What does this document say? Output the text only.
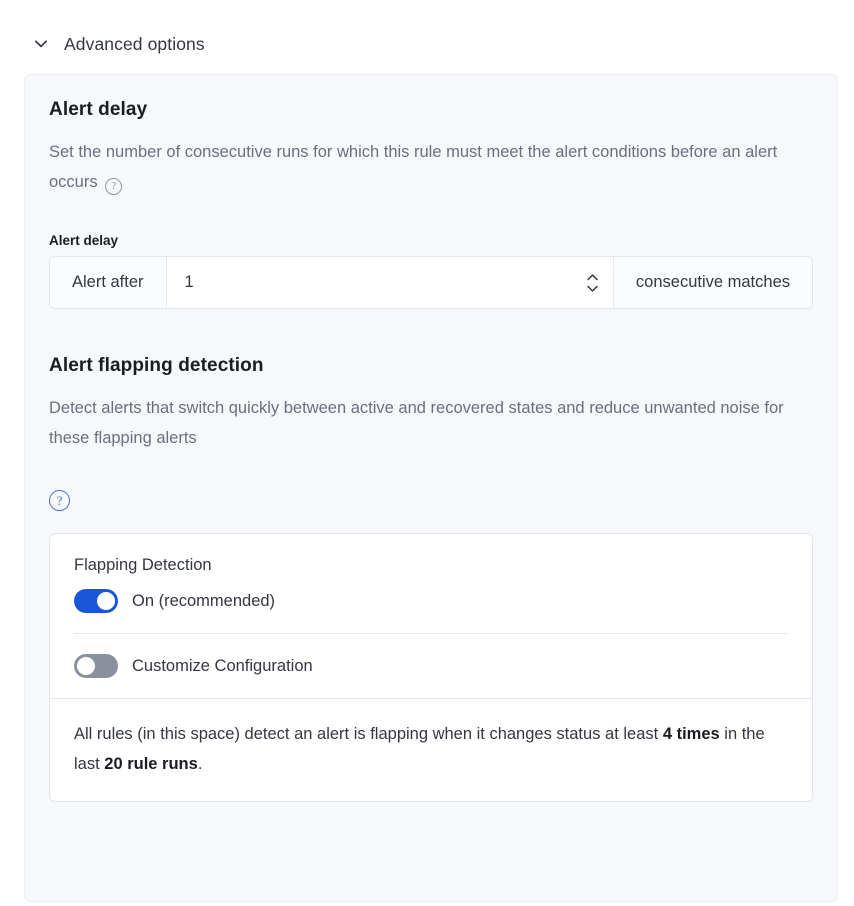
Advanced options
Alert delay

Set the number of consecutive runs for which this rule must meet the alert conditions before an alert occurs ?

Alert delay
Alert after
1	consecutive matches
Alert flapping detection

Detect alerts that switch quickly between active and recovered states and reduce unwanted noise for these flapping alerts

?
Flapping Detection
On (recommended)
Customize Configuration
All rules (in this space) detect an alert is flapping when it changes status at least 4 times in the last 20 rule runs.
